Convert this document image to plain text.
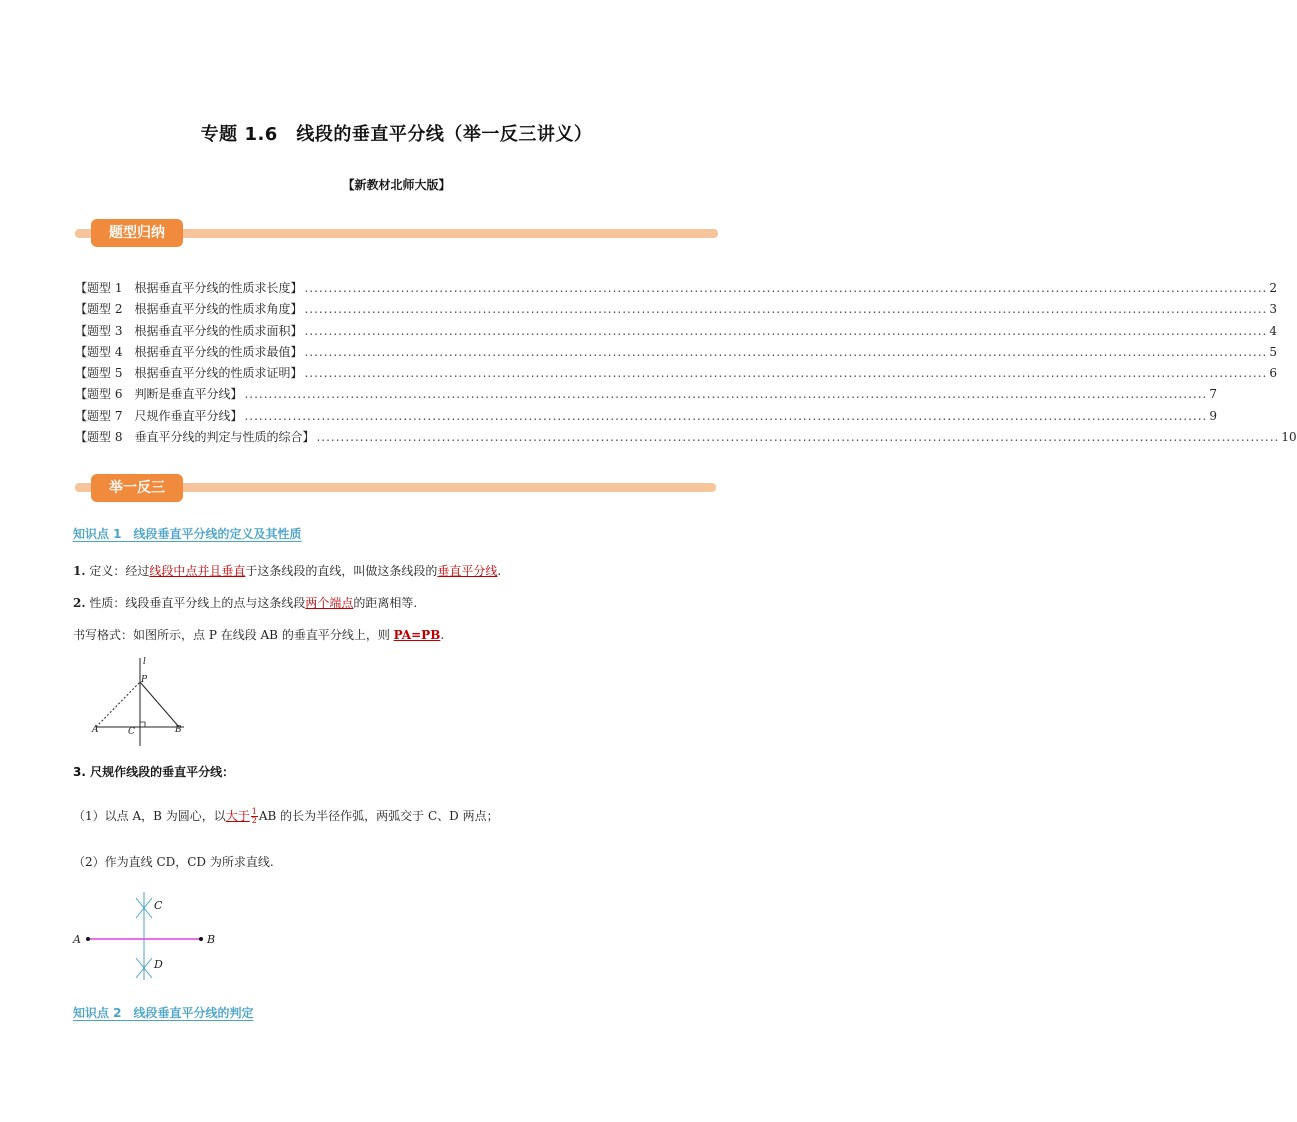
专题 1.6　线段的垂直平分线（举一反三讲义）
【新教材北师大版】
题型归纳
【题型 1　根据垂直平分线的性质求长度】 ........................................................................................................................................................................................................ 2
【题型 2　根据垂直平分线的性质求角度】 ........................................................................................................................................................................................................ 3
【题型 3　根据垂直平分线的性质求面积】 ........................................................................................................................................................................................................ 4
【题型 4　根据垂直平分线的性质求最值】 ........................................................................................................................................................................................................ 5
【题型 5　根据垂直平分线的性质求证明】 ........................................................................................................................................................................................................ 6
【题型 6　判断是垂直平分线】 ........................................................................................................................................................................................................ 7
【题型 7　尺规作垂直平分线】 ........................................................................................................................................................................................................ 9
【题型 8　垂直平分线的判定与性质的综合】 ........................................................................................................................................................................................................ 10
举一反三
知识点 1　线段垂直平分线的定义及其性质
1. 定义：经过线段中点并且垂直于这条线段的直线，叫做这条线段的垂直平分线.
2. 性质：线段垂直平分线上的点与这条线段两个端点的距离相等.
书写格式：如图所示，点 P 在线段 AB 的垂直平分线上，则 PA=PB.
l
P
A	C	B
3. 尺规作线段的垂直平分线：
（1）以点 A，B 为圆心，以大于 $\frac{1}{2}$ AB 的长为半径作弧，两弧交于 C、D 两点；
（2）作为直线 CD，CD 为所求直线.
A	B
C
D
知识点 2　线段垂直平分线的判定
